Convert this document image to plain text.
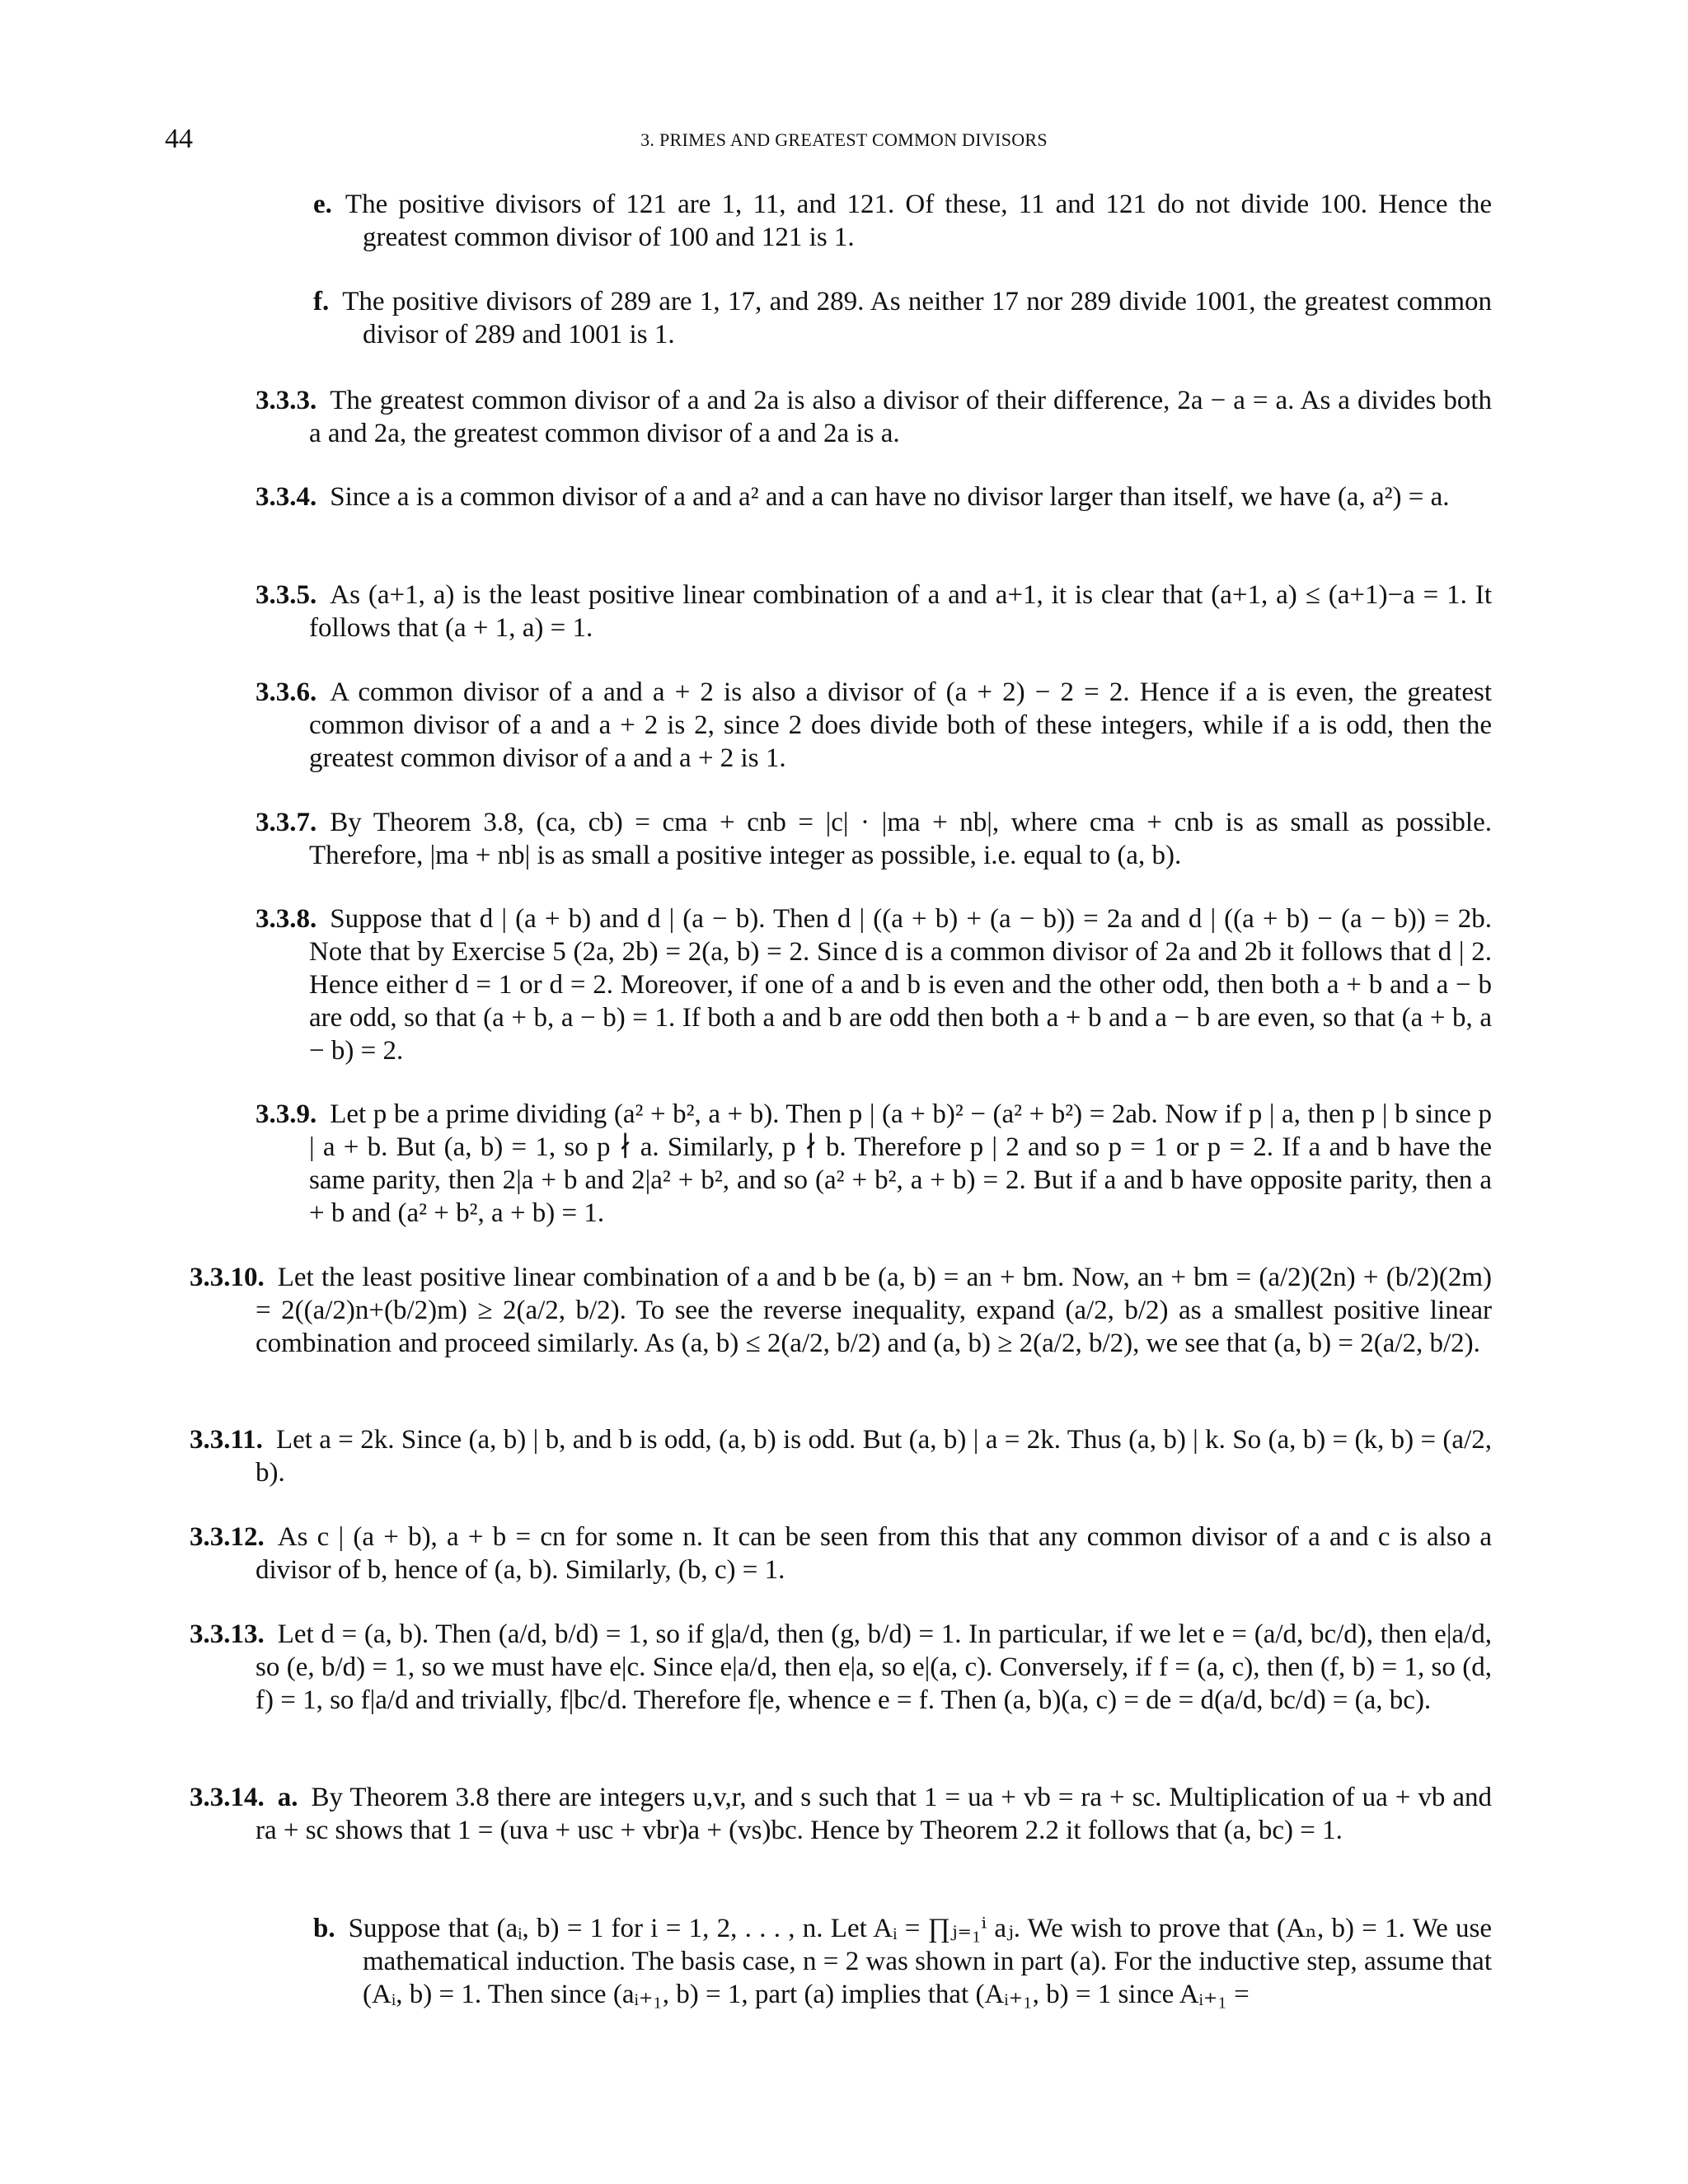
44	3. PRIMES AND GREATEST COMMON DIVISORS
e. The positive divisors of 121 are 1, 11, and 121. Of these, 11 and 121 do not divide 100. Hence the greatest common divisor of 100 and 121 is 1.
f. The positive divisors of 289 are 1, 17, and 289. As neither 17 nor 289 divide 1001, the greatest common divisor of 289 and 1001 is 1.
3.3.3. The greatest common divisor of a and 2a is also a divisor of their difference, 2a − a = a. As a divides both a and 2a, the greatest common divisor of a and 2a is a.
3.3.4. Since a is a common divisor of a and a² and a can have no divisor larger than itself, we have (a, a²) = a.
3.3.5. As (a+1, a) is the least positive linear combination of a and a+1, it is clear that (a+1, a) ≤ (a+1)−a = 1. It follows that (a + 1, a) = 1.
3.3.6. A common divisor of a and a + 2 is also a divisor of (a + 2) − 2 = 2. Hence if a is even, the greatest common divisor of a and a + 2 is 2, since 2 does divide both of these integers, while if a is odd, then the greatest common divisor of a and a + 2 is 1.
3.3.7. By Theorem 3.8, (ca, cb) = cma + cnb = |c| · |ma + nb|, where cma + cnb is as small as possible. Therefore, |ma + nb| is as small a positive integer as possible, i.e. equal to (a, b).
3.3.8. Suppose that d | (a + b) and d | (a − b). Then d | ((a + b) + (a − b)) = 2a and d | ((a + b) − (a − b)) = 2b. Note that by Exercise 5 (2a, 2b) = 2(a, b) = 2. Since d is a common divisor of 2a and 2b it follows that d | 2. Hence either d = 1 or d = 2. Moreover, if one of a and b is even and the other odd, then both a + b and a − b are odd, so that (a + b, a − b) = 1. If both a and b are odd then both a + b and a − b are even, so that (a + b, a − b) = 2.
3.3.9. Let p be a prime dividing (a² + b², a + b). Then p | (a + b)² − (a² + b²) = 2ab. Now if p | a, then p | b since p | a + b. But (a, b) = 1, so p ∤ a. Similarly, p ∤ b. Therefore p | 2 and so p = 1 or p = 2. If a and b have the same parity, then 2|a + b and 2|a² + b², and so (a² + b², a + b) = 2. But if a and b have opposite parity, then a + b and (a² + b², a + b) = 1.
3.3.10. Let the least positive linear combination of a and b be (a, b) = an + bm. Now, an + bm = (a/2)(2n) + (b/2)(2m) = 2((a/2)n+(b/2)m) ≥ 2(a/2, b/2). To see the reverse inequality, expand (a/2, b/2) as a smallest positive linear combination and proceed similarly. As (a, b) ≤ 2(a/2, b/2) and (a, b) ≥ 2(a/2, b/2), we see that (a, b) = 2(a/2, b/2).
3.3.11. Let a = 2k. Since (a, b) | b, and b is odd, (a, b) is odd. But (a, b) | a = 2k. Thus (a, b) | k. So (a, b) = (k, b) = (a/2, b).
3.3.12. As c | (a + b), a + b = cn for some n. It can be seen from this that any common divisor of a and c is also a divisor of b, hence of (a, b). Similarly, (b, c) = 1.
3.3.13. Let d = (a, b). Then (a/d, b/d) = 1, so if g|a/d, then (g, b/d) = 1. In particular, if we let e = (a/d, bc/d), then e|a/d, so (e, b/d) = 1, so we must have e|c. Since e|a/d, then e|a, so e|(a, c). Conversely, if f = (a, c), then (f, b) = 1, so (d, f) = 1, so f|a/d and trivially, f|bc/d. Therefore f|e, whence e = f. Then (a, b)(a, c) = de = d(a/d, bc/d) = (a, bc).
3.3.14. a. By Theorem 3.8 there are integers u,v,r, and s such that 1 = ua + vb = ra + sc. Multiplication of ua + vb and ra + sc shows that 1 = (uva + usc + vbr)a + (vs)bc. Hence by Theorem 2.2 it follows that (a, bc) = 1.
b. Suppose that (aᵢ, b) = 1 for i = 1, 2, . . . , n. Let Aᵢ = ∏ⱼ₌₁ⁱ aⱼ. We wish to prove that (Aₙ, b) = 1. We use mathematical induction. The basis case, n = 2 was shown in part (a). For the inductive step, assume that (Aᵢ, b) = 1. Then since (aᵢ₊₁, b) = 1, part (a) implies that (Aᵢ₊₁, b) = 1 since Aᵢ₊₁ =
